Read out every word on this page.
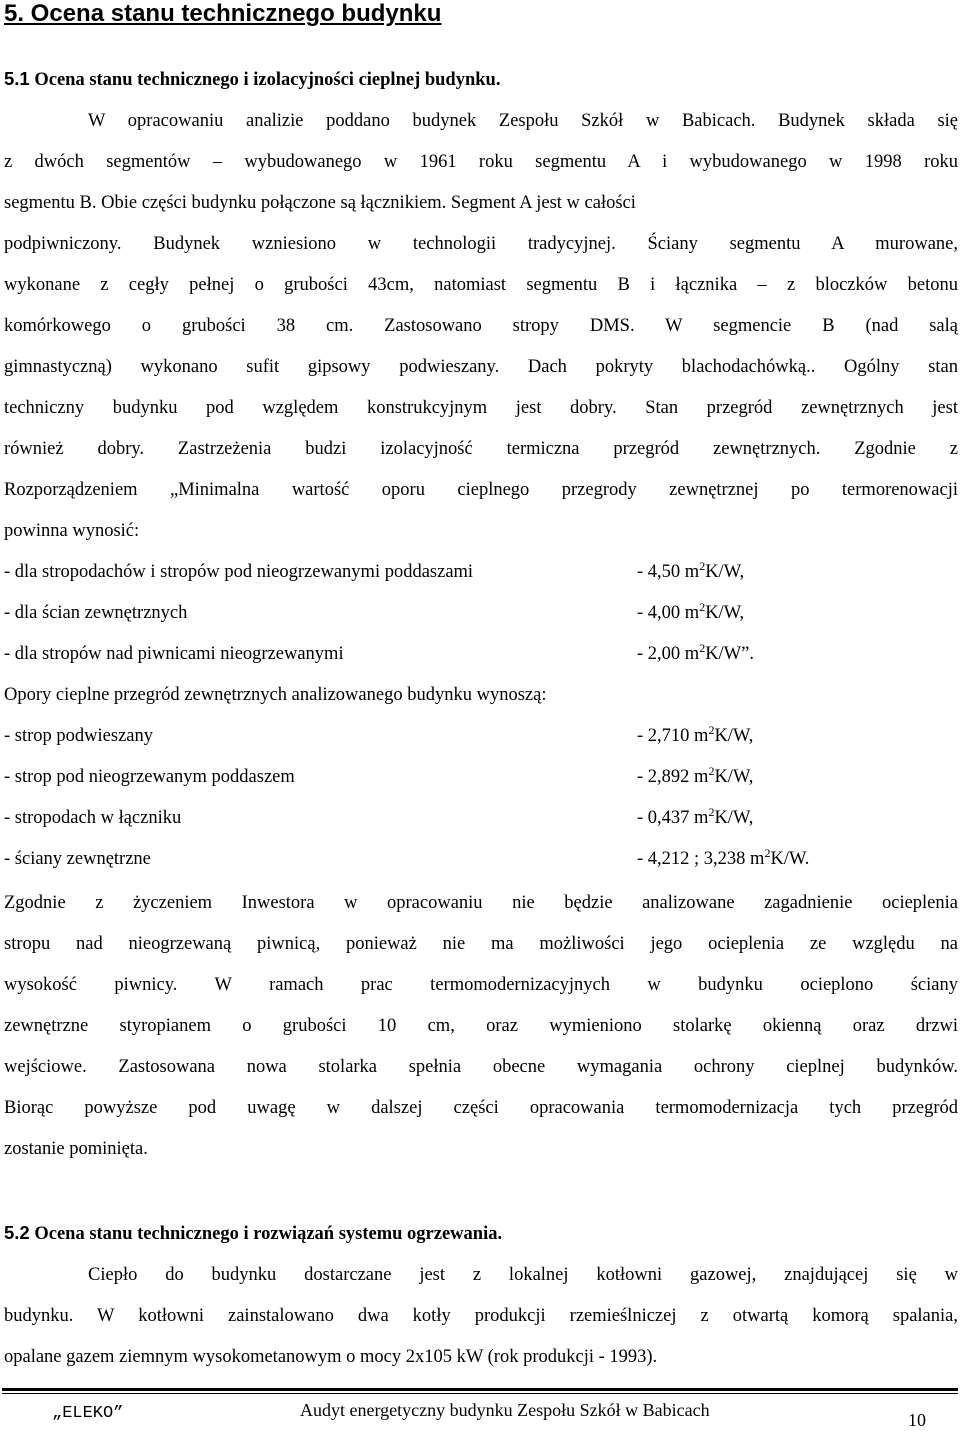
5. Ocena stanu technicznego budynku
5.1 Ocena stanu technicznego i izolacyjności cieplnej budynku.
W opracowaniu analizie poddano budynek Zespołu Szkół w Babicach. Budynek składa się
z dwóch segmentów – wybudowanego w 1961 roku segmentu A i wybudowanego w 1998 roku
segmentu B. Obie części budynku połączone są łącznikiem. Segment A jest w całości
podpiwniczony. Budynek wzniesiono w technologii tradycyjnej. Ściany segmentu A murowane,
wykonane z cegły pełnej o grubości 43cm, natomiast segmentu B i łącznika – z bloczków betonu
komórkowego o grubości 38 cm. Zastosowano stropy DMS. W segmencie B (nad salą
gimnastyczną) wykonano sufit gipsowy podwieszany. Dach pokryty blachodachówką.. Ogólny stan
techniczny budynku pod względem konstrukcyjnym jest dobry. Stan przegród zewnętrznych jest
również dobry. Zastrzeżenia budzi izolacyjność termiczna przegród zewnętrznych. Zgodnie z
Rozporządzeniem „Minimalna wartość oporu cieplnego przegrody zewnętrznej po termorenowacji
powinna wynosić:
- dla stropodachów i stropów pod nieogrzewanymi poddaszami	- 4,50 $m^2K/W$,
- dla ścian zewnętrznych	- 4,00 $m^2K/W$,
- dla stropów nad piwnicami nieogrzewanymi	- 2,00 $m^2K/W$”.
Opory cieplne przegród zewnętrznych analizowanego budynku wynoszą:
- strop podwieszany	- 2,710 $m^2K/W$,
- strop pod nieogrzewanym poddaszem	- 2,892 $m^2K/W$,
- stropodach w łączniku	- 0,437 $m^2K/W$,
- ściany zewnętrzne	- 4,212 ; 3,238 $m^2K/W$.
Zgodnie z życzeniem Inwestora w opracowaniu nie będzie analizowane zagadnienie ocieplenia
stropu nad nieogrzewaną piwnicą, ponieważ nie ma możliwości jego ocieplenia ze względu na
wysokość piwnicy. W ramach prac termomodernizacyjnych w budynku ocieplono ściany
zewnętrzne styropianem o grubości 10 cm, oraz wymieniono stolarkę okienną oraz drzwi
wejściowe. Zastosowana nowa stolarka spełnia obecne wymagania ochrony cieplnej budynków.
Biorąc powyższe pod uwagę w dalszej części opracowania termomodernizacja tych przegród
zostanie pominięta.
5.2 Ocena stanu technicznego i rozwiązań systemu ogrzewania.
Ciepło do budynku dostarczane jest z lokalnej kotłowni gazowej, znajdującej się w
budynku. W kotłowni zainstalowano dwa kotły produkcji rzemieślniczej z otwartą komorą spalania,
opalane gazem ziemnym wysokometanowym o mocy 2x105 kW (rok produkcji - 1993).
„ELEKO”	Audyt energetyczny budynku Zespołu Szkół w Babicach	10
